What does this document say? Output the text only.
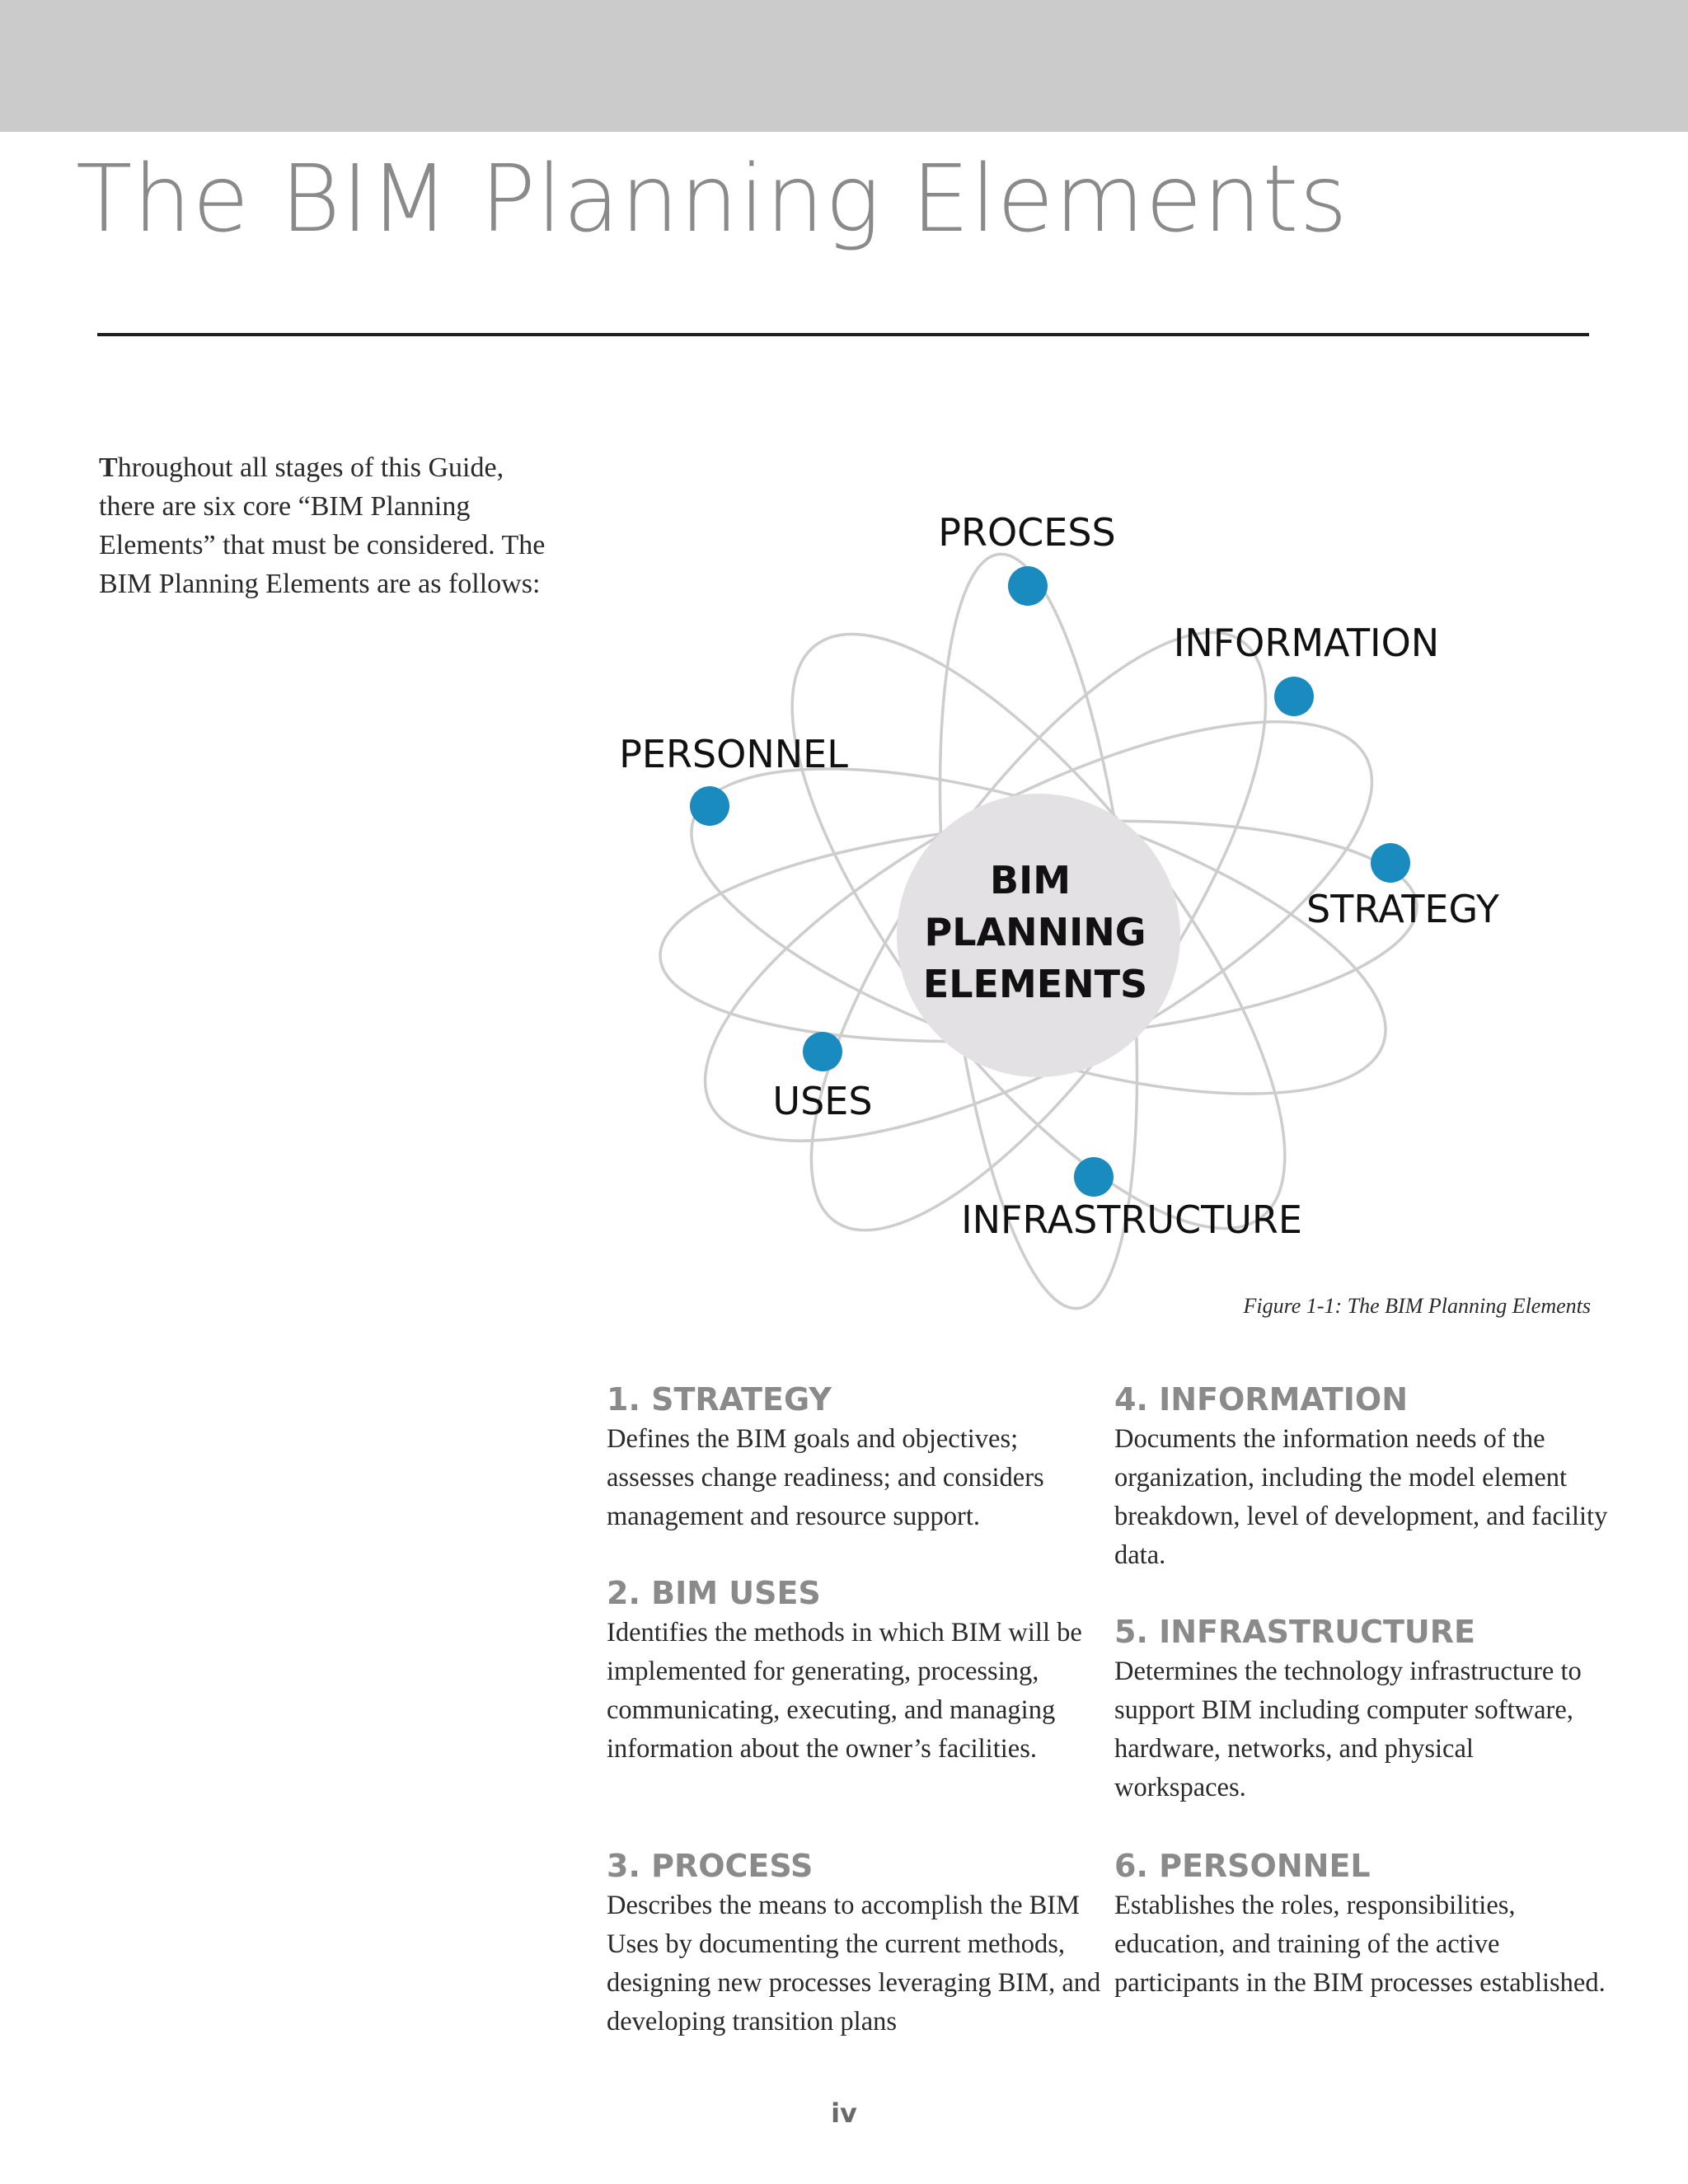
The BIM Planning Elements

Throughout all stages of this Guide, there are six core “BIM Planning Elements” that must be considered. The BIM Planning Elements are as follows:

BIM
PLANNING
ELEMENTS
PROCESS
INFORMATION
PERSONNEL
STRATEGY
USES
INFRASTRUCTURE

Figure 1-1: The BIM Planning Elements

1. STRATEGY

Defines the BIM goals and objectives; assesses change readiness; and considers management and resource support.

2. BIM USES

Identifies the methods in which BIM will be implemented for generating, processing, communicating, executing, and managing information about the owner’s facilities.

3. PROCESS

Describes the means to accomplish the BIM Uses by documenting the current methods, designing new processes leveraging BIM, and developing transition plans

4. INFORMATION

Documents the information needs of the organization, including the model element breakdown, level of development, and facility data.

5. INFRASTRUCTURE

Determines the technology infrastructure to support BIM including computer software, hardware, networks, and physical workspaces.

6. PERSONNEL

Establishes the roles, responsibilities, education, and training of the active participants in the BIM processes established.

iv
